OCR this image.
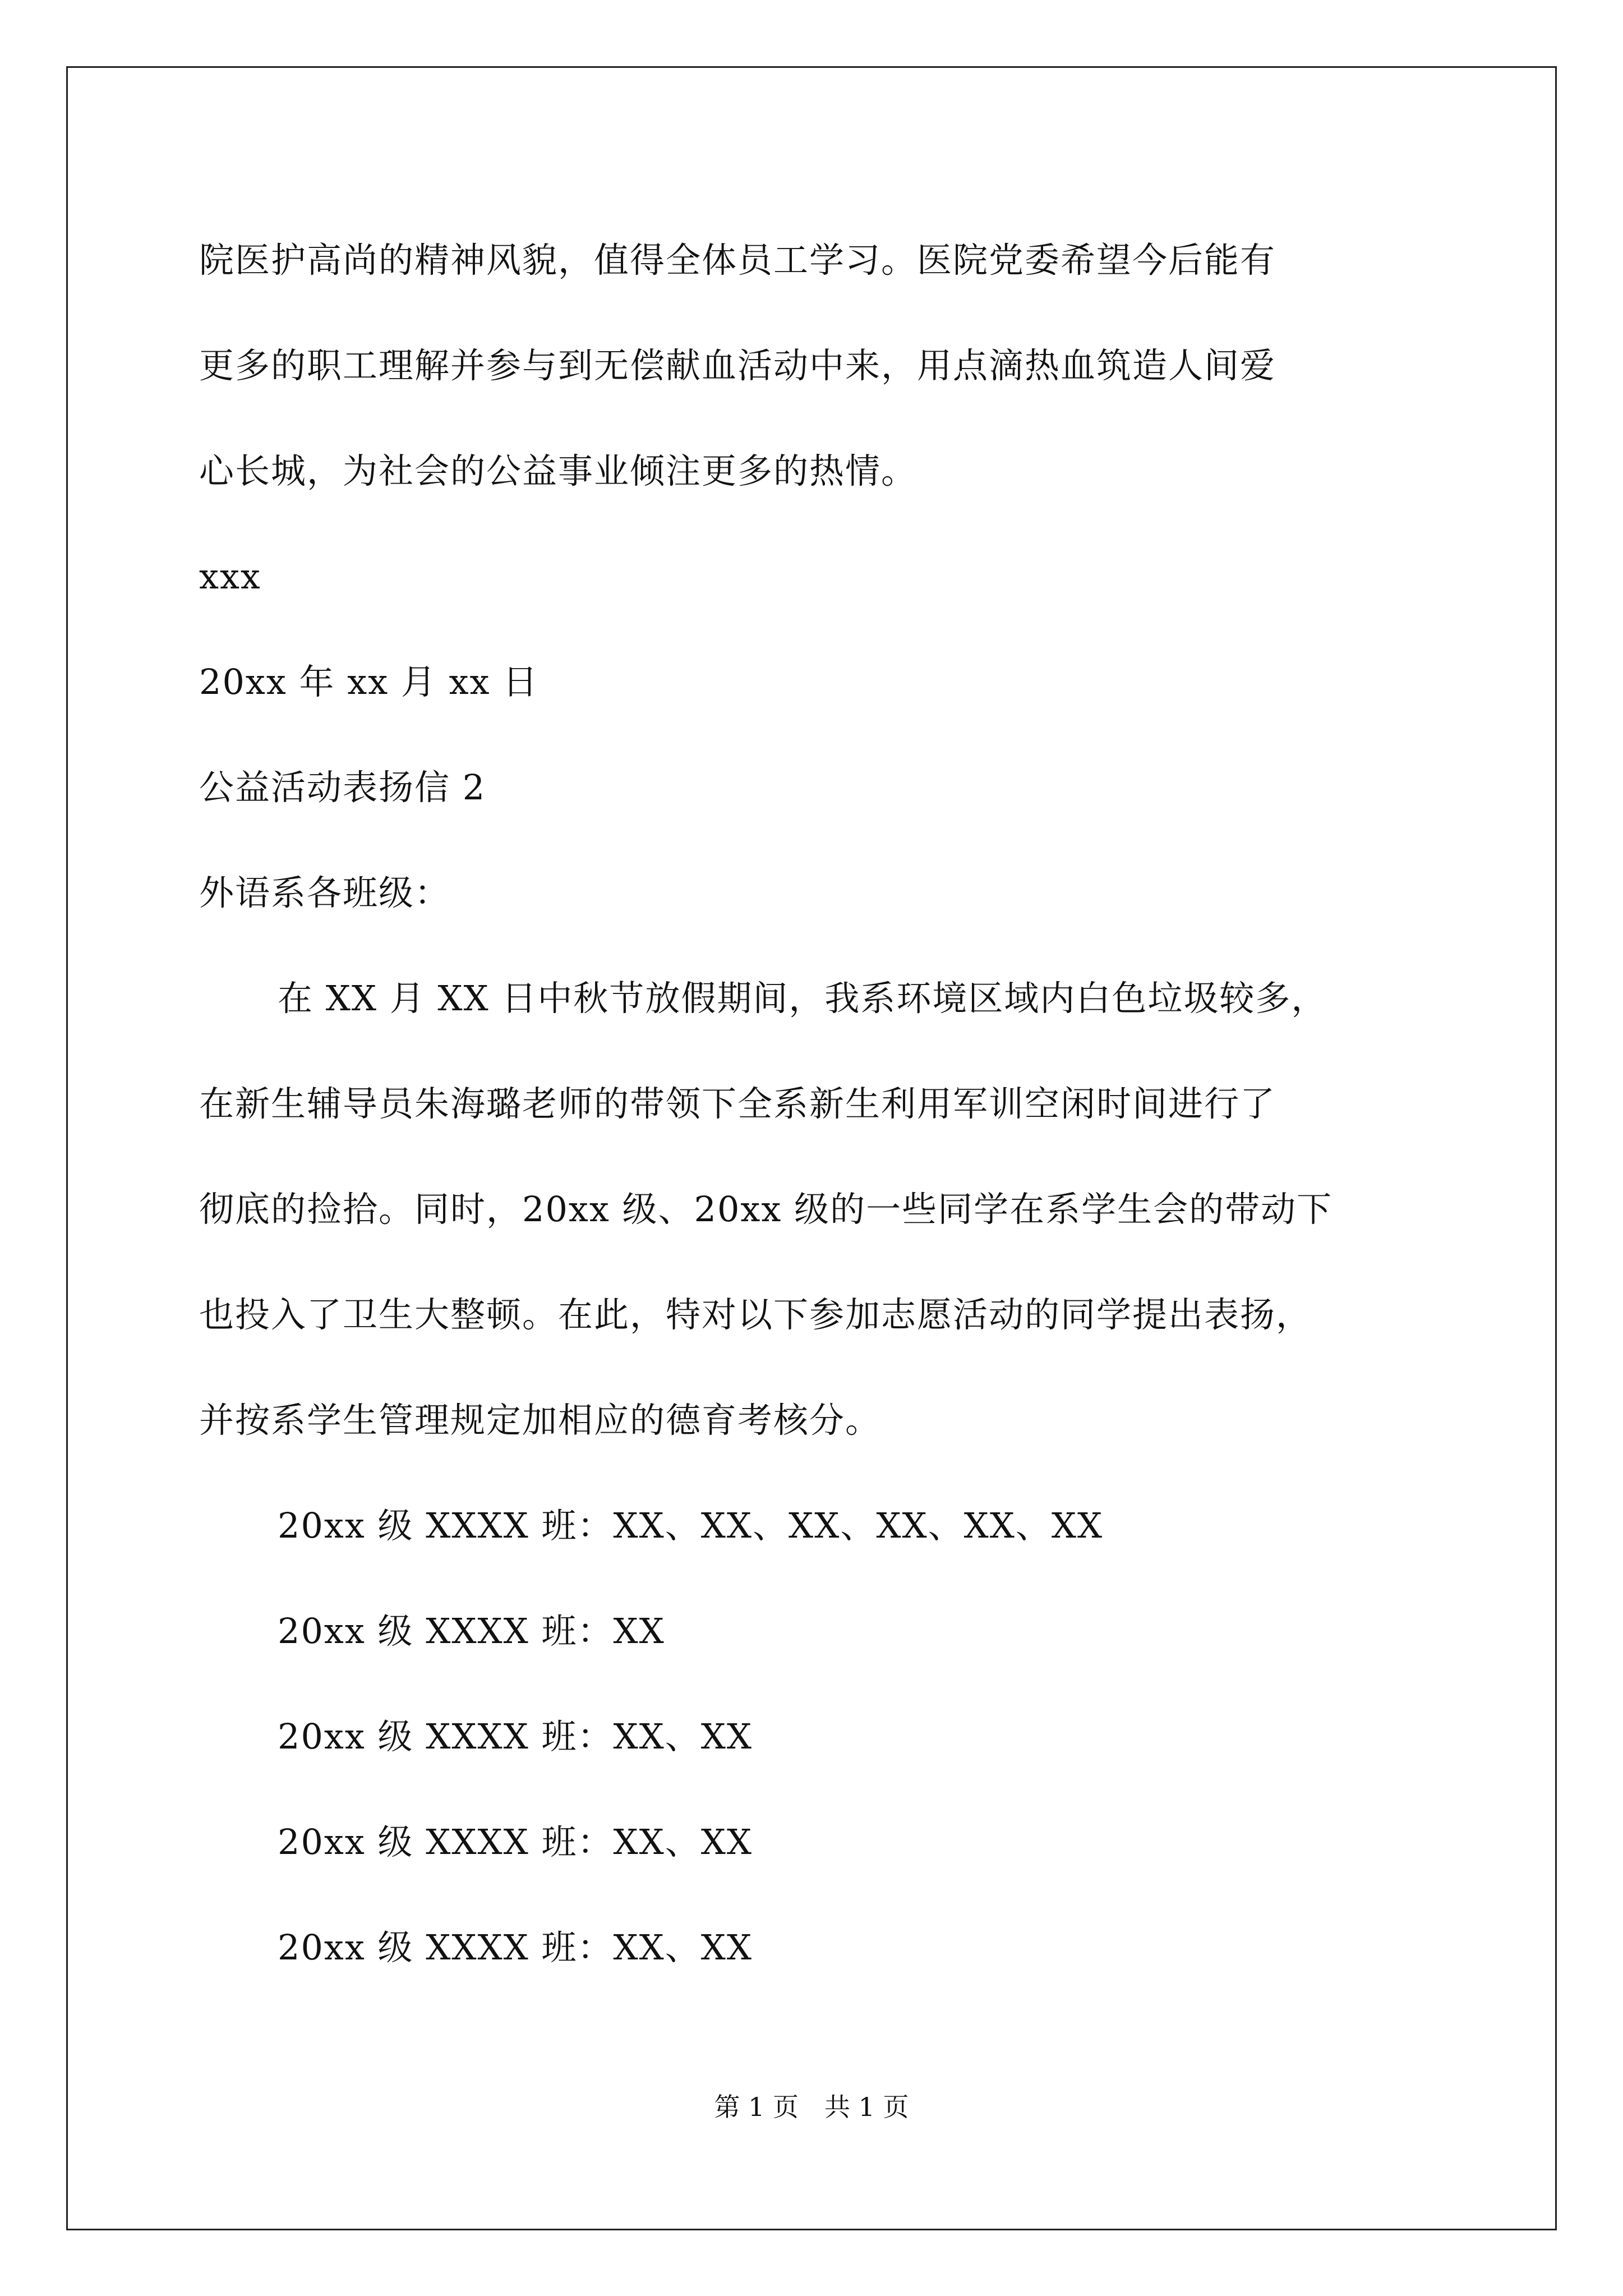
院医护高尚的精神风貌，值得全体员工学习。医院党委希望今后能有
更多的职工理解并参与到无偿献血活动中来，用点滴热血筑造人间爱
心长城，为社会的公益事业倾注更多的热情。
xxx
20xx 年 xx 月 xx 日
公益活动表扬信 2
外语系各班级：
在 XX 月 XX 日中秋节放假期间，我系环境区域内白色垃圾较多，
在新生辅导员朱海璐老师的带领下全系新生利用军训空闲时间进行了
彻底的捡拾。同时，20xx 级、20xx 级的一些同学在系学生会的带动下
也投入了卫生大整顿。在此，特对以下参加志愿活动的同学提出表扬，
并按系学生管理规定加相应的德育考核分。
20xx 级 XXXX 班：XX、XX、XX、XX、XX、XX
20xx 级 XXXX 班：XX
20xx 级 XXXX 班：XX、XX
20xx 级 XXXX 班：XX、XX
20xx 级 XXXX 班：XX、XX
第 1 页　共 1 页
